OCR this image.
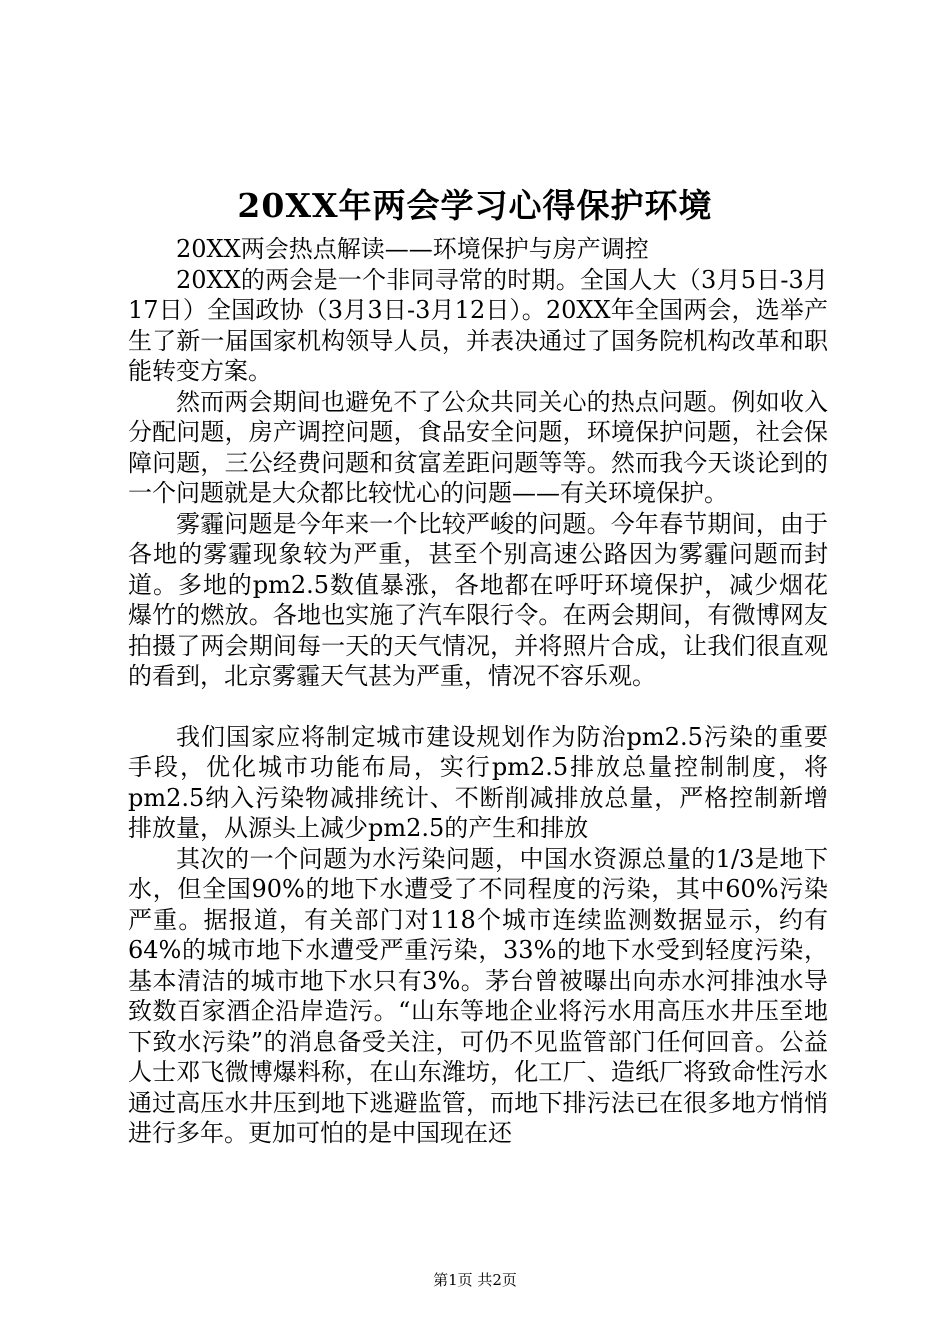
20XX年两会学习心得保护环境

20XX两会热点解读——环境保护与房产调控

20XX的两会是一个非同寻常的时期。全国人大（3月5日-3月17日）全国政协（3月3日-3月12日）。20XX年全国两会，选举产生了新一届国家机构领导人员，并表决通过了国务院机构改革和职能转变方案。

然而两会期间也避免不了公众共同关心的热点问题。例如收入分配问题，房产调控问题，食品安全问题，环境保护问题，社会保障问题，三公经费问题和贫富差距问题等等。然而我今天谈论到的一个问题就是大众都比较忧心的问题——有关环境保护。

雾霾问题是今年来一个比较严峻的问题。今年春节期间，由于各地的雾霾现象较为严重，甚至个别高速公路因为雾霾问题而封道。多地的pm2.5数值暴涨，各地都在呼吁环境保护，减少烟花爆竹的燃放。各地也实施了汽车限行令。在两会期间，有微博网友拍摄了两会期间每一天的天气情况，并将照片合成，让我们很直观的看到，北京雾霾天气甚为严重，情况不容乐观。

我们国家应将制定城市建设规划作为防治pm2.5污染的重要手段，优化城市功能布局，实行pm2.5排放总量控制制度，将pm2.5纳入污染物减排统计、不断削减排放总量，严格控制新增排放量，从源头上减少pm2.5的产生和排放

其次的一个问题为水污染问题，中国水资源总量的1/3是地下水，但全国90%的地下水遭受了不同程度的污染，其中60%污染严重。据报道，有关部门对118个城市连续监测数据显示，约有64%的城市地下水遭受严重污染，33%的地下水受到轻度污染，基本清洁的城市地下水只有3%。茅台曾被曝出向赤水河排浊水导致数百家酒企沿岸造污。“山东等地企业将污水用高压水井压至地下致水污染”的消息备受关注，可仍不见监管部门任何回音。公益人士邓飞微博爆料称，在山东潍坊，化工厂、造纸厂将致命性污水通过高压水井压到地下逃避监管，而地下排污法已在很多地方悄悄进行多年。更加可怕的是中国现在还

第1页 共2页
